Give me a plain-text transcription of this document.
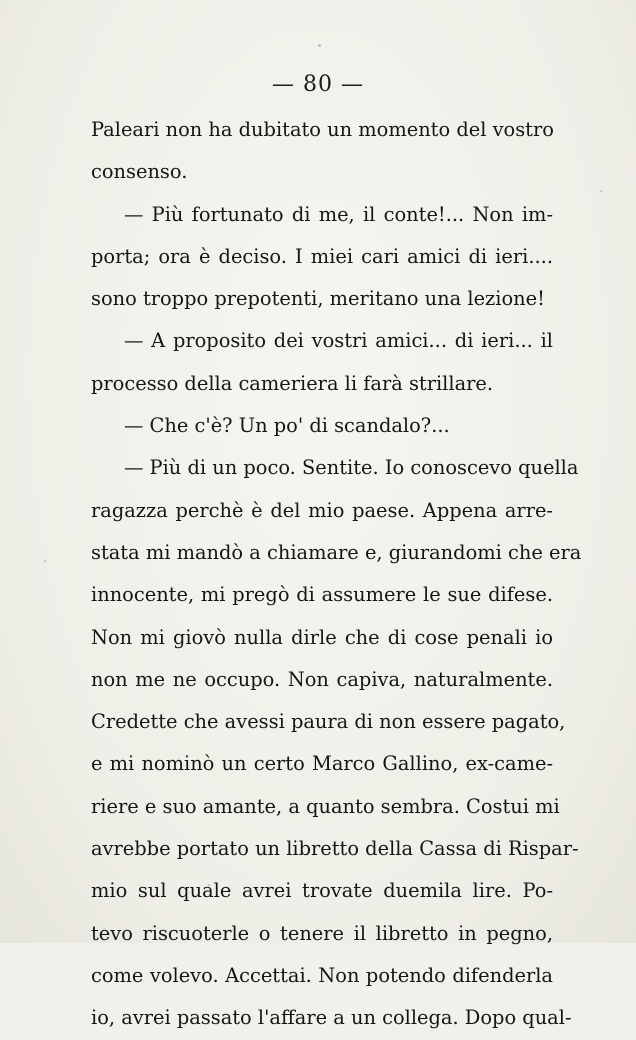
— 80 —
Paleari non ha dubitato un momento del vostro
consenso.
— Più fortunato di me, il conte!... Non im-
porta; ora è deciso. I miei cari amici di ieri....
sono troppo prepotenti, meritano una lezione!
— A proposito dei vostri amici... di ieri... il
processo della cameriera li farà strillare.
— Che c'è? Un po' di scandalo?...
— Più di un poco. Sentite. Io conoscevo quella
ragazza perchè è del mio paese. Appena arre-
stata mi mandò a chiamare e, giurandomi che era
innocente, mi pregò di assumere le sue difese.
Non mi giovò nulla dirle che di cose penali io
non me ne occupo. Non capiva, naturalmente.
Credette che avessi paura di non essere pagato,
e mi nominò un certo Marco Gallino, ex-came-
riere e suo amante, a quanto sembra. Costui mi
avrebbe portato un libretto della Cassa di Rispar-
mio sul quale avrei trovate duemila lire. Po-
tevo riscuoterle o tenere il libretto in pegno,
come volevo. Accettai. Non potendo difenderla
io, avrei passato l'affare a un collega. Dopo qual-
